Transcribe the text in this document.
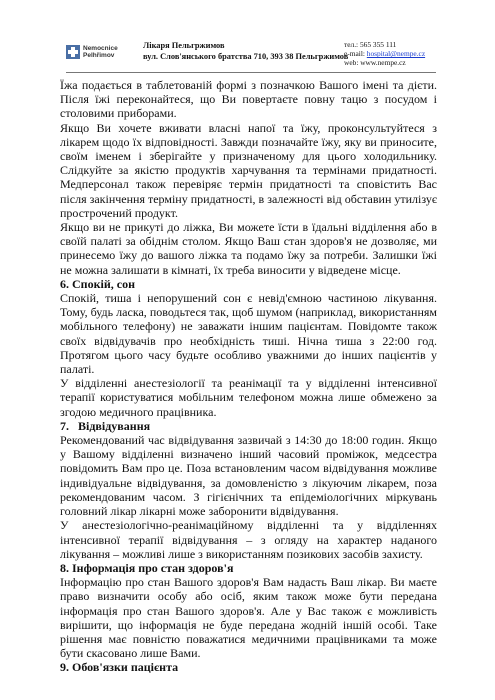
Nemocnice
Pelhřimov
Лікаря Пельгржимов
вул. Слов'янського братства 710, 393 38 Пельгржимов
тел.: 565 355 111
e-mail: hospital@nempe.cz
web: www.nempe.cz

Їжа подається в таблетованій формі з позначкою Вашого імені та дієти. Після їжі переконайтеся, що Ви повертаєте повну тацю з посудом і столовими приборами.

Якщо Ви хочете вживати власні напої та їжу, проконсультуйтеся з лікарем щодо їх відповідності. Завжди позначайте їжу, яку ви приносите, своїм іменем і зберігайте у призначеному для цього холодильнику. Слідкуйте за якістю продуктів харчування та термінами придатності. Медперсонал також перевіряє термін придатності та сповістить Вас після закінчення терміну придатності, в залежності від обставин утилізує прострочений продукт.

Якщо ви не прикуті до ліжка, Ви можете їсти в їдальні відділення або в своїй палаті за обіднім столом. Якщо Ваш стан здоров'я не дозволяє, ми принесемо їжу до вашого ліжка та подамо їжу за потреби. Залишки їжі не можна залишати в кімнаті, їх треба виносити у відведене місце.

6. Спокій, сон

Спокій, тиша і непорушений сон є невід'ємною частиною лікування. Тому, будь ласка, поводьтеся так, щоб шумом (наприклад, використанням мобільного телефону) не заважати іншим пацієнтам. Повідомте також своїх відвідувачів про необхідність тиші. Нічна тиша з 22:00 год. Протягом цього часу будьте особливо уважними до інших пацієнтів у палаті.

У відділенні анестезіології та реанімації та у відділенні інтенсивної терапії користуватися мобільним телефоном можна лише обмежено за згодою медичного працівника.

7.   Відвідування

Рекомендований час відвідування зазвичай з 14:30 до 18:00 годин. Якщо у Вашому відділенні визначено інший часовий проміжок, медсестра повідомить Вам про це. Поза встановленим часом відвідування можливе індивідуальне відвідування, за домовленістю з лікуючим лікарем, поза рекомендованим часом. З гігієнічних та епідеміологічних міркувань головний лікар лікарні може заборонити відвідування.

У анестезіологічно-реанімаційному відділенні та у відділеннях інтенсивної терапії відвідування – з огляду на характер наданого лікування – можливі лише з використанням позикових засобів захисту.

8. Інформація про стан здоров'я

Інформацію про стан Вашого здоров'я Вам надасть Ваш лікар. Ви маєте право визначити особу або осіб, яким також може бути передана інформація про стан Вашого здоров'я. Але у Вас також є можливість вирішити, що інформація не буде передана жодній іншій особі. Таке рішення має повністю поважатися медичними працівниками та може бути скасовано лише Вами.

9. Обов'язки пацієнта
